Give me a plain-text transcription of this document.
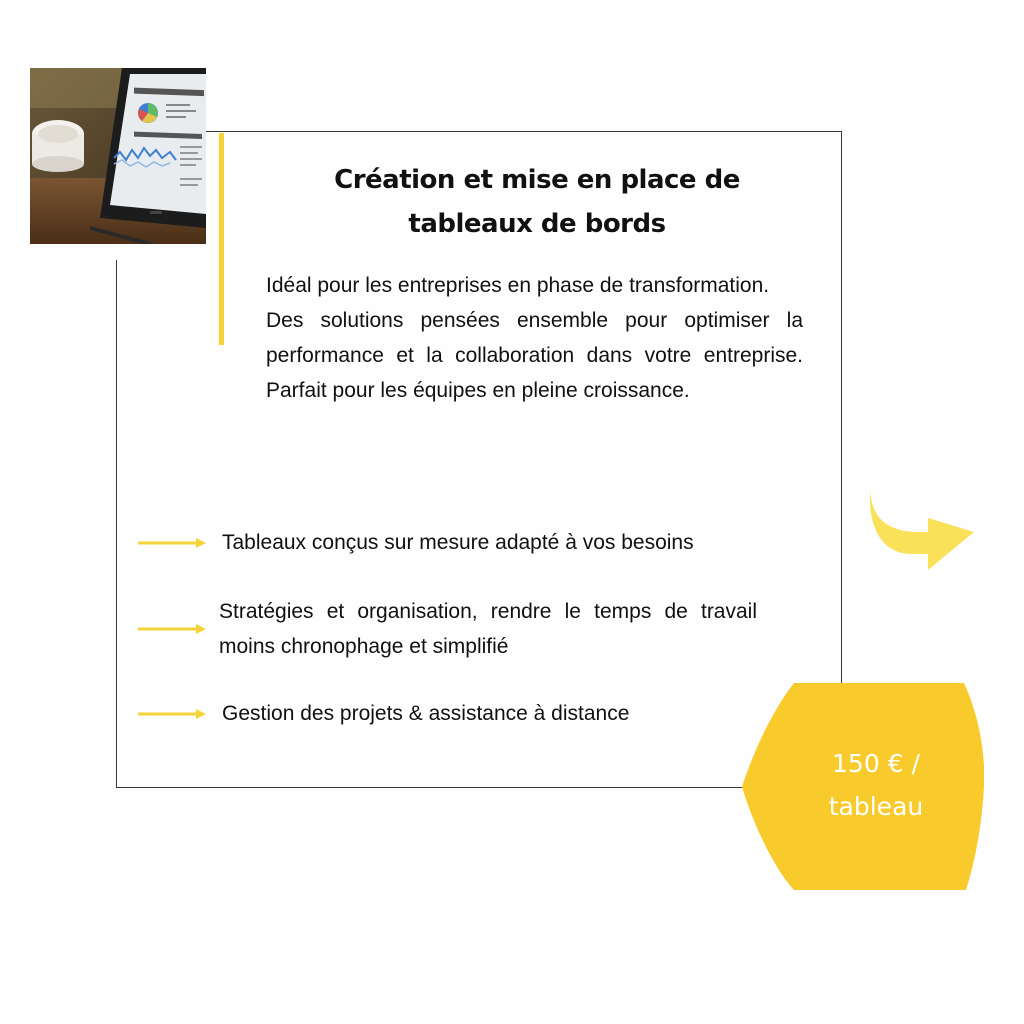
Création et mise en place de
tableaux de bords

Idéal pour les entreprises en phase de transformation.

Des solutions pensées ensemble pour optimiser la performance et la collaboration dans votre entreprise. Parfait pour les équipes en pleine croissance.

Tableaux conçus sur mesure adapté à vos besoins
Stratégies et organisation, rendre le temps de travail moins chronophage et simplifié
Gestion des projets & assistance à distance
150 € /
tableau
